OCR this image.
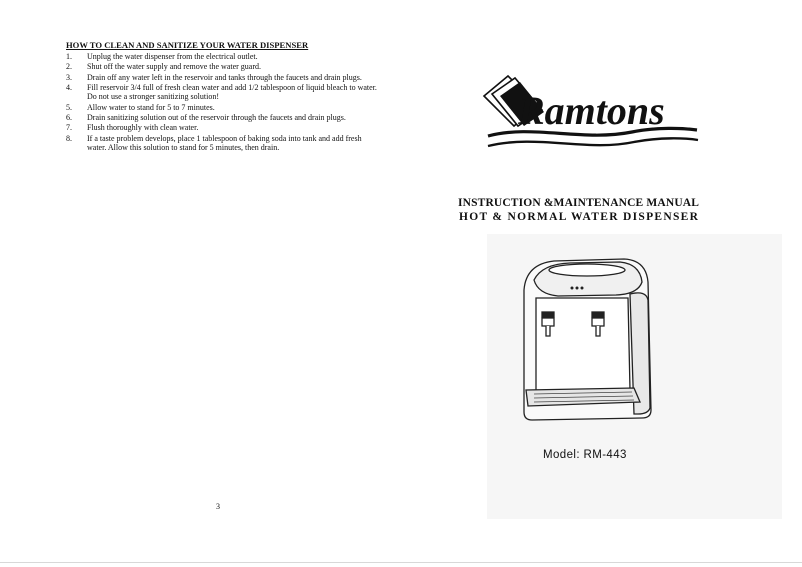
HOW TO CLEAN AND SANITIZE YOUR WATER DISPENSER
1. Unplug the water dispenser from the electrical outlet.
2. Shut off the water supply and remove the water guard.
3. Drain off any water left in the reservoir and tanks through the faucets and drain plugs.
4. Fill reservoir 3/4 full of fresh clean water and add 1/2 tablespoon of liquid bleach to water. Do not use a stronger sanitizing solution!
5. Allow water to stand for 5 to 7 minutes.
6. Drain sanitizing solution out of the reservoir through the faucets and drain plugs.
7. Flush thoroughly with clean water.
8. If a taste problem develops, place 1 tablespoon of baking soda into tank and add fresh water. Allow this solution to stand for 5 minutes, then drain.
3
Ramtons
INSTRUCTION &MAINTENANCE MANUAL
HOT & NORMAL WATER DISPENSER
Model: RM-443
